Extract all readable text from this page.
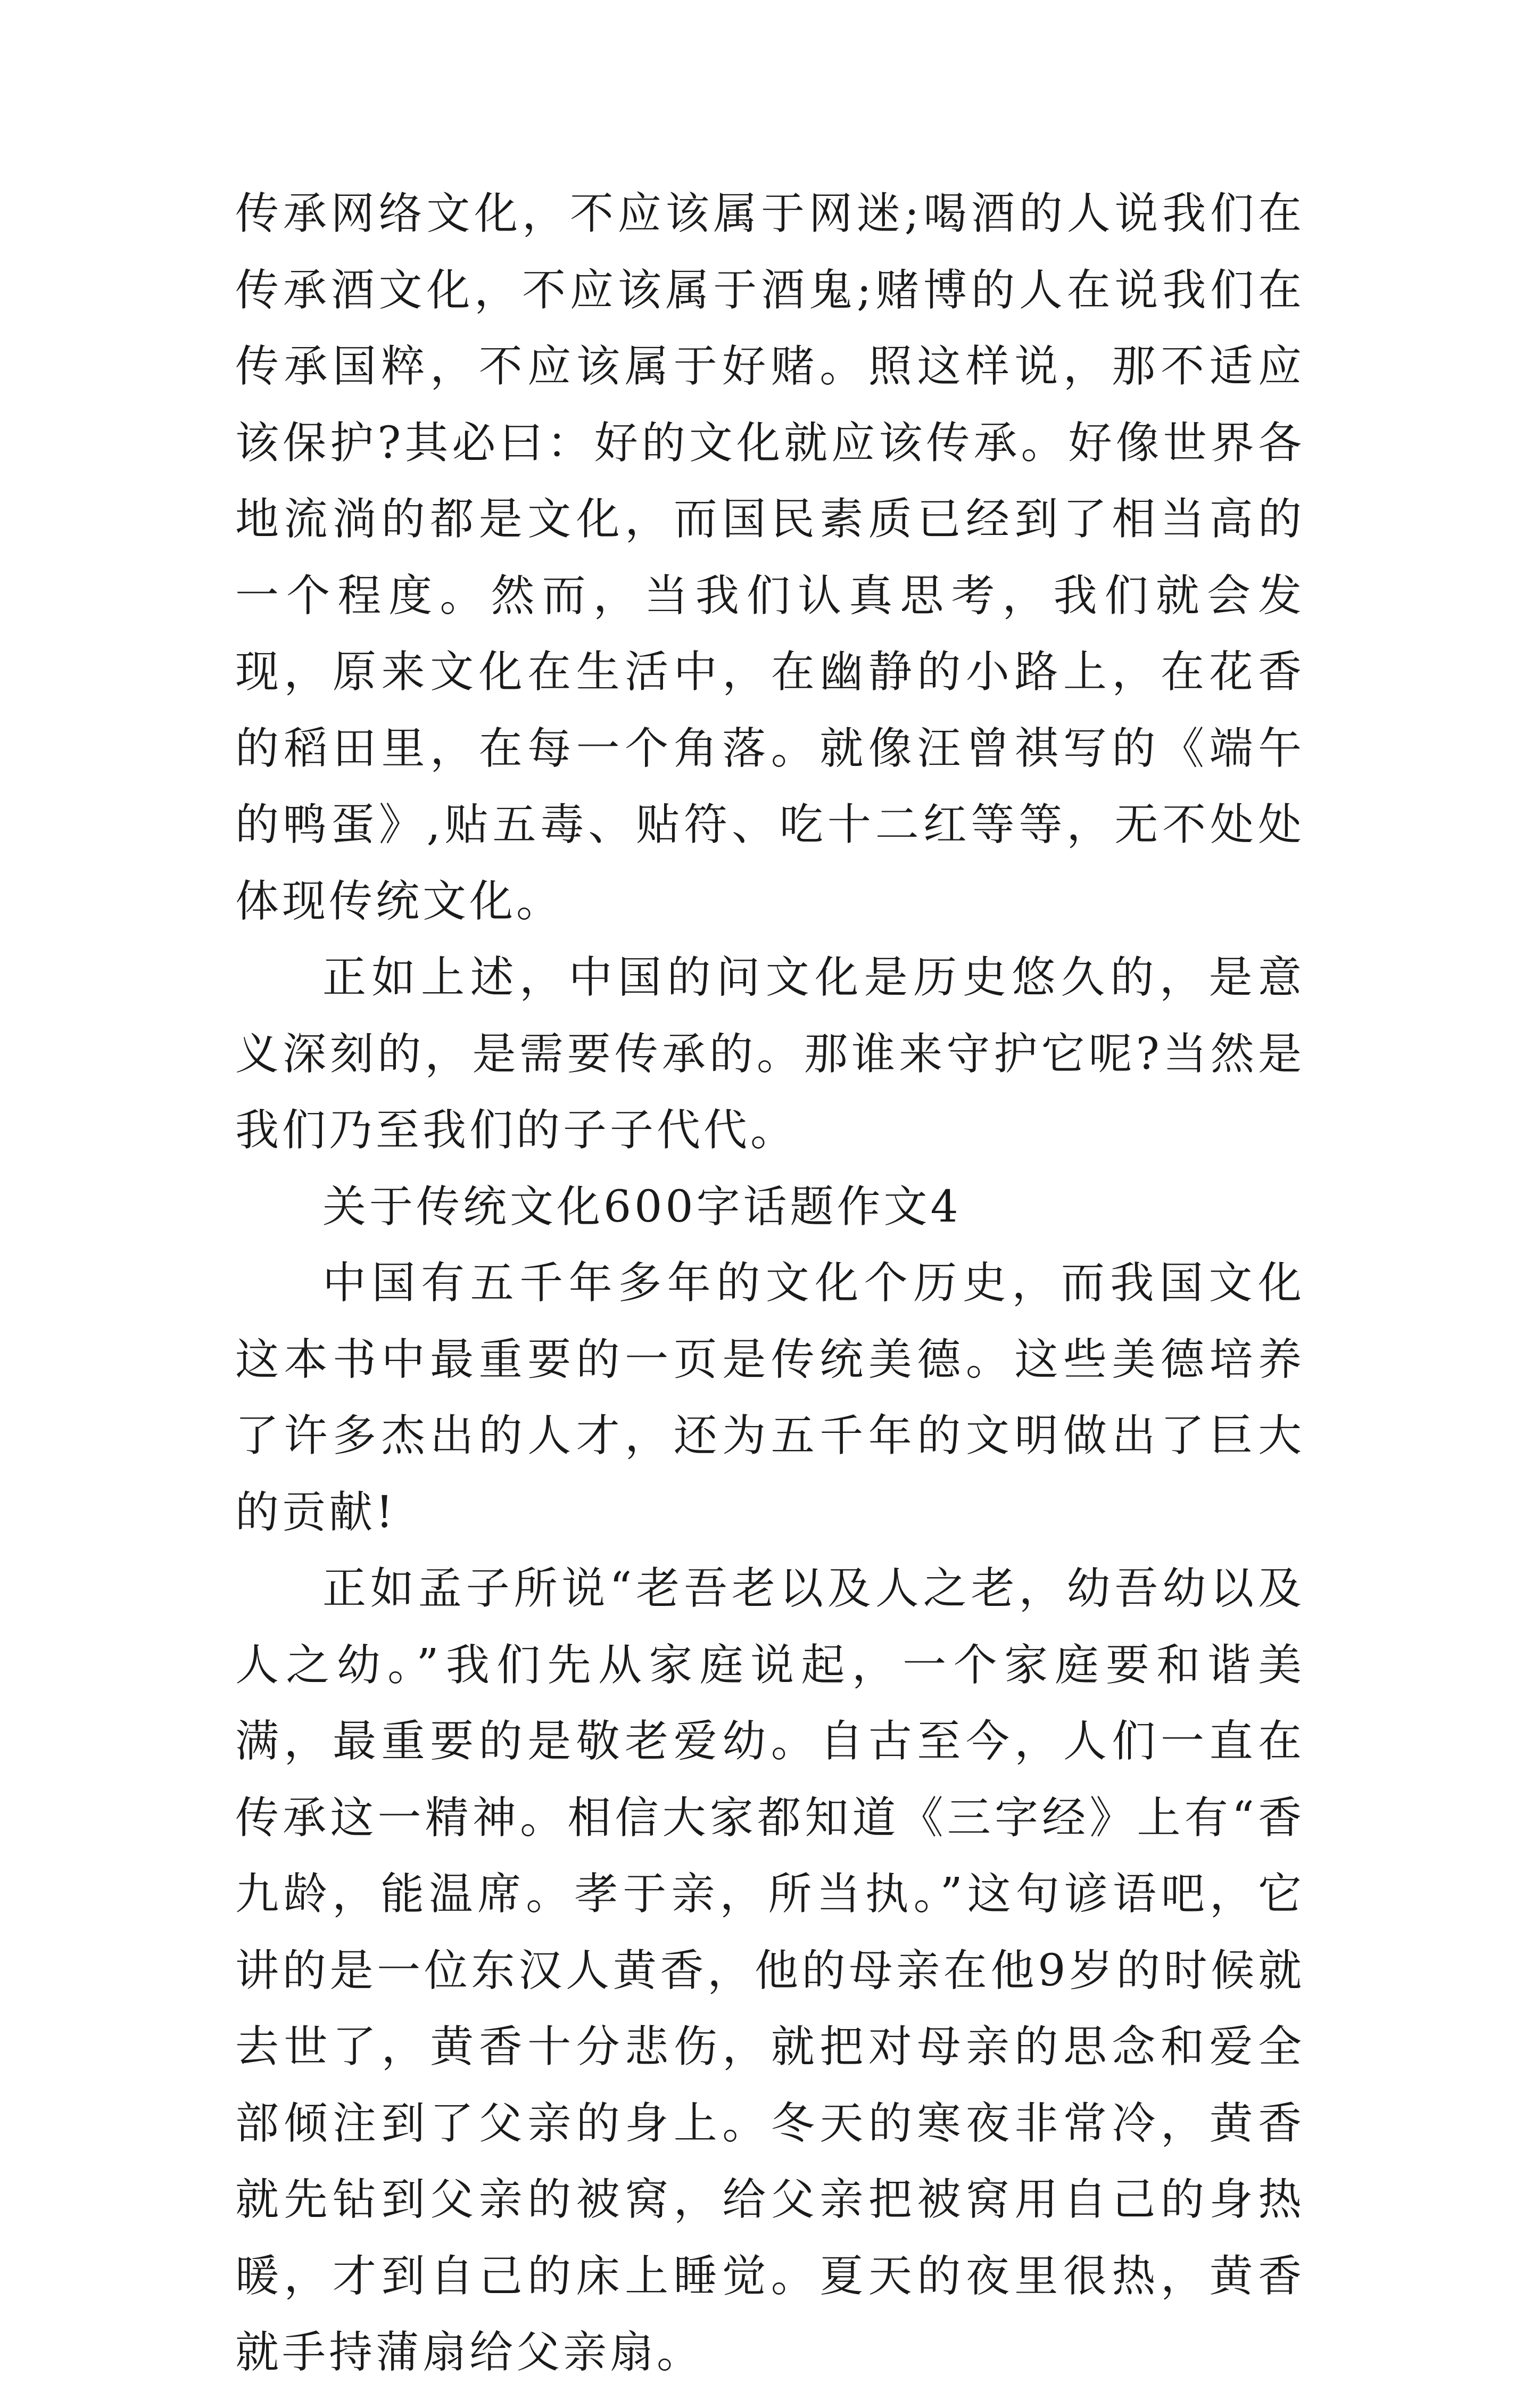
传承网络文化，不应该属于网迷;喝酒的人说我们在传承酒文化，不应该属于酒鬼;赌博的人在说我们在传承国粹，不应该属于好赌。照这样说，那不适应该保护?其必曰：好的文化就应该传承。好像世界各地流淌的都是文化，而国民素质已经到了相当高的一个程度。然而，当我们认真思考，我们就会发现，原来文化在生活中，在幽静的小路上，在花香的稻田里，在每一个角落。就像汪曾祺写的《端午的鸭蛋》,贴五毒、贴符、吃十二红等等，无不处处体现传统文化。

正如上述，中国的问文化是历史悠久的，是意义深刻的，是需要传承的。那谁来守护它呢?当然是我们乃至我们的子子代代。

关于传统文化600字话题作文4

中国有五千年多年的文化个历史，而我国文化这本书中最重要的一页是传统美德。这些美德培养了许多杰出的人才，还为五千年的文明做出了巨大的贡献!

正如孟子所说“老吾老以及人之老，幼吾幼以及人之幼。”我们先从家庭说起，一个家庭要和谐美满，最重要的是敬老爱幼。自古至今，人们一直在传承这一精神。相信大家都知道《三字经》上有“香九龄，能温席。孝于亲，所当执。”这句谚语吧，它讲的是一位东汉人黄香，他的母亲在他9岁的时候就去世了，黄香十分悲伤，就把对母亲的思念和爱全部倾注到了父亲的身上。冬天的寒夜非常冷，黄香就先钻到父亲的被窝，给父亲把被窝用自己的身热暖，才到自己的床上睡觉。夏天的夜里很热，黄香就手持蒲扇给父亲扇。
